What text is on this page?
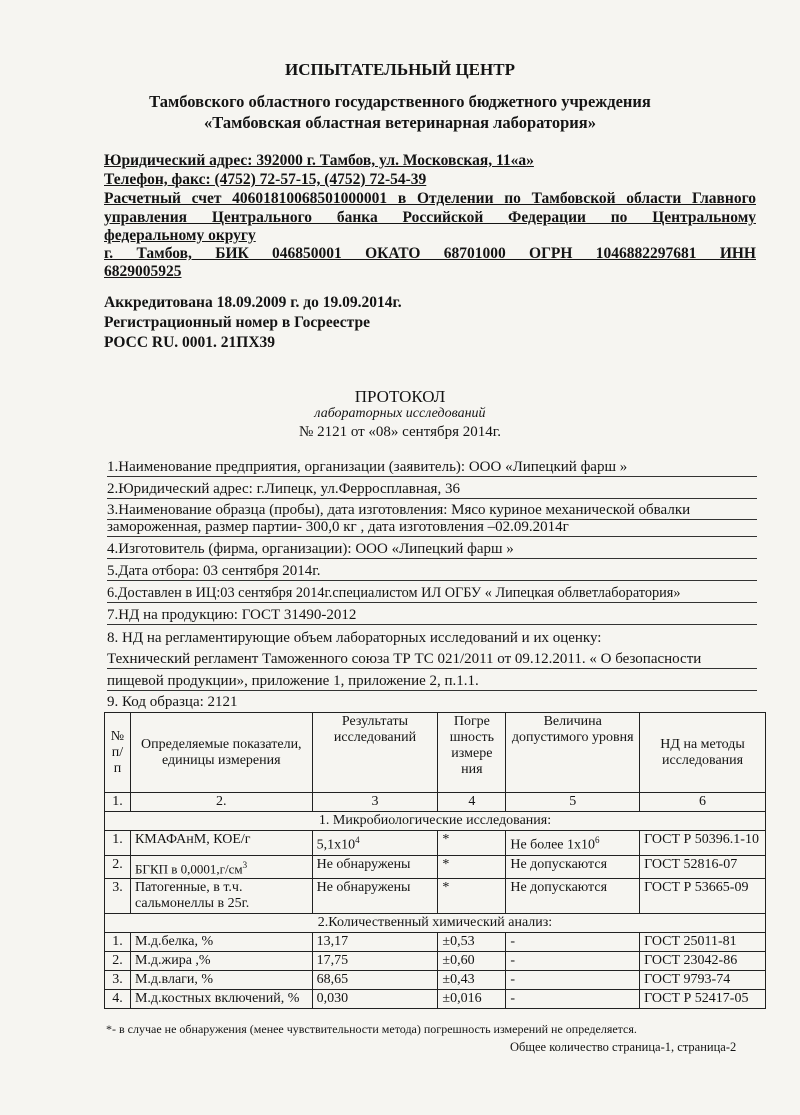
ИСПЫТАТЕЛЬНЫЙ ЦЕНТР
Тамбовского областного государственного бюджетного учреждения
«Тамбовская областная ветеринарная лаборатория»
Юридический адрес: 392000 г. Тамбов, ул. Московская, 11«а»
Телефон, факс: (4752) 72-57-15, (4752) 72-54-39
Расчетный счет 40601810068501000001 в Отделении по Тамбовской области Главного
управления Центрального банка Российской Федерации по Центральному
федеральному округу
г. Тамбов, БИК 046850001 ОКАТО 68701000 ОГРН 1046882297681 ИНН
6829005925
Аккредитована 18.09.2009 г. до 19.09.2014г.
Регистрационный номер в Госреестре
РОСС RU. 0001. 21ПХ39
ПРОТОКОЛ
лабораторных исследований
№ 2121 от «08» сентября 2014г.
1.Наименование предприятия, организации (заявитель): ООО «Липецкий фарш »
2.Юридический адрес: г.Липецк, ул.Ферросплавная, 36
3.Наименование образца (пробы), дата изготовления: Мясо куриное механической обвалки
замороженная, размер партии- 300,0 кг , дата изготовления –02.09.2014г
4.Изготовитель (фирма, организации): ООО «Липецкий фарш »
5.Дата отбора: 03 сентября 2014г.
6.Доставлен в ИЦ:03 сентября 2014г.специалистом ИЛ ОГБУ « Липецкая облветлаборатория»
7.НД на продукцию: ГОСТ 31490-2012
8. НД на регламентирующие объем лабораторных исследований и их оценку:
Технический регламент Таможенного союза ТР ТС 021/2011 от 09.12.2011. « О безопасности
пищевой продукции», приложение 1, приложение 2, п.1.1.
9. Код образца: 2121
№ п/ п	Определяемые показатели, единицы измерения	Результаты исследований	Погре шность измере ния	Величина допустимого уровня	НД на методы исследования
1.	2.	3	4	5	6
1. Микробиологические исследования:					
1.	КМАФАнМ, КОЕ/г	$5,1х10^4$	*	Не более $1х10^6$	ГОСТ Р 50396.1-10
2.	БГКП в $0,0001,г/см^3$	Не обнаружены	*	Не допускаются	ГОСТ 52816-07
3.	Патогенные, в т.ч. сальмонеллы в 25г.	Не обнаружены	*	Не допускаются	ГОСТ Р 53665-09
2.Количественный химический анализ:					
1.	М.д.белка, %	13,17	±0,53	-	ГОСТ 25011-81
2.	М.д.жира ,%	17,75	±0,60	-	ГОСТ 23042-86
3.	М.д.влаги, %	68,65	±0,43	-	ГОСТ 9793-74
4.	М.д.костных включений, %	0,030	±0,016	-	ГОСТ Р 52417-05
*- в случае не обнаружения (менее чувствительности метода) погрешность измерений не определяется.
Общее количество страница-1, страница-2
